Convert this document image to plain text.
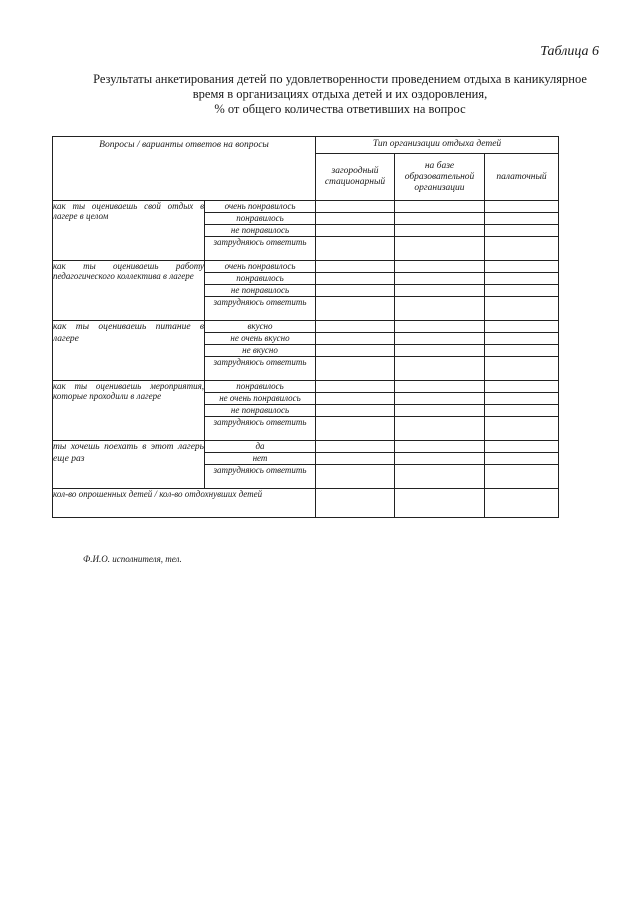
Таблица 6
Результаты анкетирования детей по удовлетворенности проведением отдыха в каникулярное
время в организациях отдыха детей и их оздоровления,
% от общего количества ответивших на вопрос
Вопросы / варианты ответов на вопросы		Тип организации отдыха детей		
		загородный стационарный	на базе образовательной организации	палаточный
как ты оцениваешь свой отдых в лагере в целом	очень понравилось			
	понравилось			
	не понравилось			
	затрудняюсь ответить			
как ты оцениваешь работу педагогического коллектива в лагере	очень понравилось			
	понравилось			
	не понравилось			
	затрудняюсь ответить			
как ты оцениваешь питание в лагере	вкусно			
	не очень вкусно			
	не вкусно			
	затрудняюсь ответить			
как ты оцениваешь мероприятия, которые проходили в лагере	понравилось			
	не очень понравилось			
	не понравилось			
	затрудняюсь ответить			
ты хочешь поехать в этот лагерь еще раз	да			
	нет			
	затрудняюсь ответить			
кол-во опрошенных детей / кол-во отдохнувших детей				
Ф.И.О. исполнителя, тел.
